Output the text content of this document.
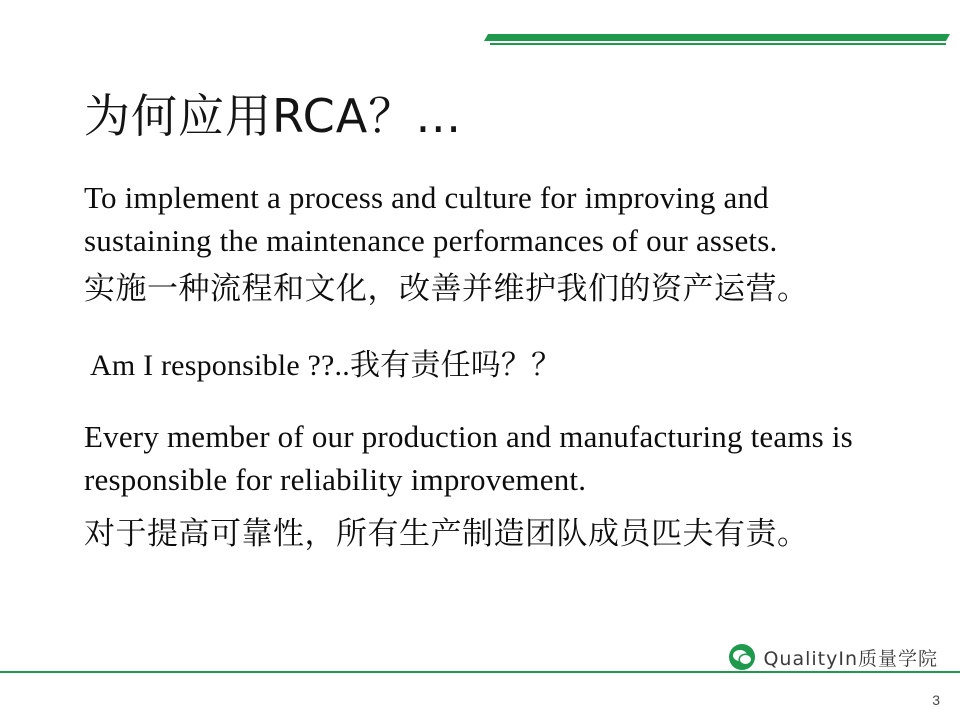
为何应用RCA？…

To implement a process and culture for improving and sustaining the maintenance performances of our assets.

实施一种流程和文化，改善并维护我们的资产运营。

Am I responsible ??..我有责任吗？？

Every member of our production and manufacturing teams is responsible for reliability improvement.

对于提高可靠性，所有生产制造团队成员匹夫有责。

QualityIn质量学院
3
